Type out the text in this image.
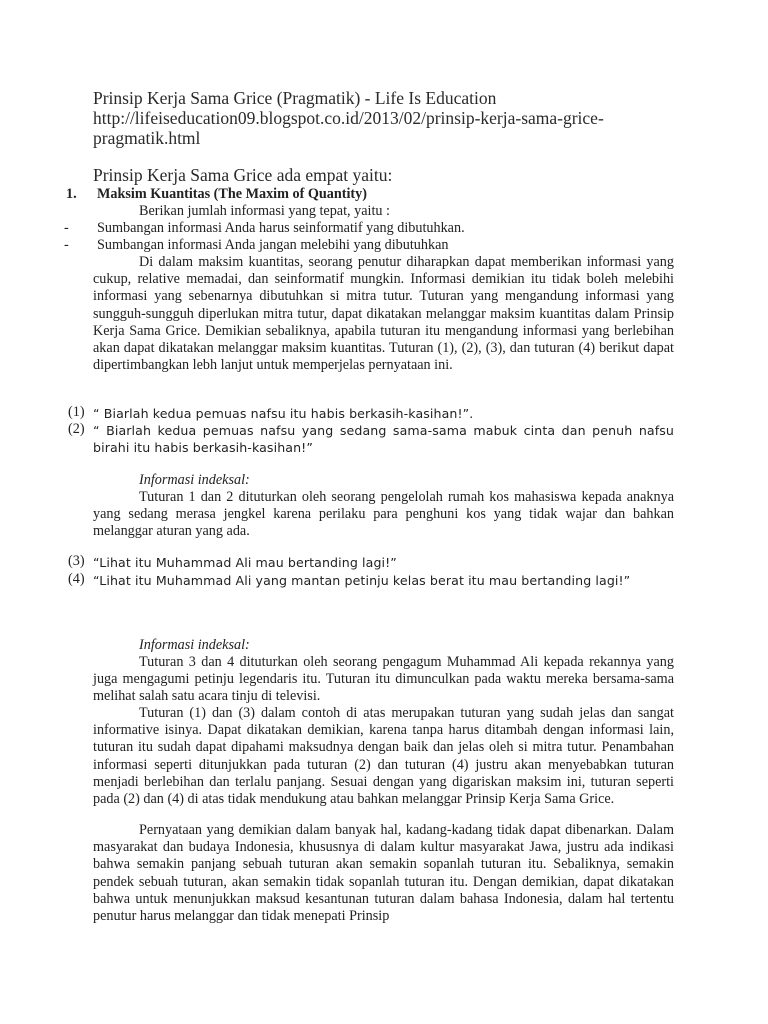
Prinsip Kerja Sama Grice (Pragmatik) - Life Is Education

http://lifeiseducation09.blogspot.co.id/2013/02/prinsip-kerja-sama-grice-pragmatik.html

Prinsip Kerja Sama Grice ada empat yaitu:

1. Maksim Kuantitas (The Maxim of Quantity)
Berikan jumlah informasi yang tepat, yaitu :
- Sumbangan informasi Anda harus seinformatif yang dibutuhkan.
- Sumbangan informasi Anda jangan melebihi yang dibutuhkan

Di dalam maksim kuantitas, seorang penutur diharapkan dapat memberikan informasi yang cukup, relative memadai, dan seinformatif mungkin. Informasi demikian itu tidak boleh melebihi informasi yang sebenarnya dibutuhkan si mitra tutur. Tuturan yang mengandung informasi yang sungguh-sungguh diperlukan mitra tutur, dapat dikatakan melanggar maksim kuantitas dalam Prinsip Kerja Sama Grice. Demikian sebaliknya, apabila tuturan itu mengandung informasi yang berlebihan akan dapat dikatakan melanggar maksim kuantitas. Tuturan (1), (2), (3), dan tuturan (4) berikut dapat dipertimbangkan lebh lanjut untuk memperjelas pernyataan ini.

(1) “ Biarlah kedua pemuas nafsu itu habis berkasih-kasihan!”.

(2) “ Biarlah kedua pemuas nafsu yang sedang sama-sama mabuk cinta dan penuh nafsu birahi itu habis berkasih-kasihan!”

Informasi indeksal:

Tuturan 1 dan 2 dituturkan oleh seorang pengelolah rumah kos mahasiswa kepada anaknya yang sedang merasa jengkel karena perilaku para penghuni kos yang tidak wajar dan bahkan melanggar aturan yang ada.

(3) “Lihat itu Muhammad Ali mau bertanding lagi!”

(4) “Lihat itu Muhammad Ali yang mantan petinju kelas berat itu mau bertanding lagi!”

Informasi indeksal:

Tuturan 3 dan 4 dituturkan oleh seorang pengagum Muhammad Ali kepada rekannya yang juga mengagumi petinju legendaris itu. Tuturan itu dimunculkan pada waktu mereka bersama-sama melihat salah satu acara tinju di televisi.

Tuturan (1) dan (3) dalam contoh di atas merupakan tuturan yang sudah jelas dan sangat informative isinya. Dapat dikatakan demikian, karena tanpa harus ditambah dengan informasi lain, tuturan itu sudah dapat dipahami maksudnya dengan baik dan jelas oleh si mitra tutur. Penambahan informasi seperti ditunjukkan pada tuturan (2) dan tuturan (4) justru akan menyebabkan tuturan menjadi berlebihan dan terlalu panjang. Sesuai dengan yang digariskan maksim ini, tuturan seperti pada (2) dan (4) di atas tidak mendukung atau bahkan melanggar Prinsip Kerja Sama Grice.

Pernyataan yang demikian dalam banyak hal, kadang-kadang tidak dapat dibenarkan. Dalam masyarakat dan budaya Indonesia, khususnya di dalam kultur masyarakat Jawa, justru ada indikasi bahwa semakin panjang sebuah tuturan akan semakin sopanlah tuturan itu. Sebaliknya, semakin pendek sebuah tuturan, akan semakin tidak sopanlah tuturan itu. Dengan demikian, dapat dikatakan bahwa untuk menunjukkan maksud kesantunan tuturan dalam bahasa Indonesia, dalam hal tertentu penutur harus melanggar dan tidak menepati Prinsip
